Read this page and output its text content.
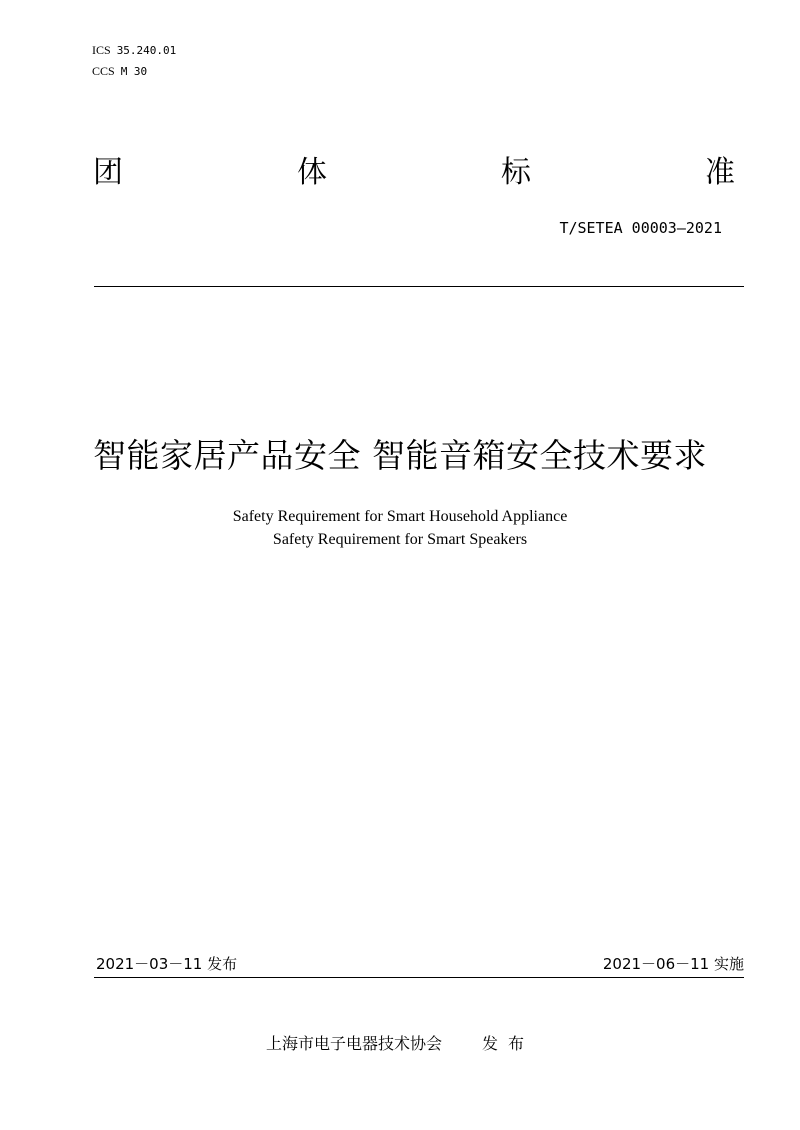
ICS 35.240.01
CCS M 30
团	体	标	准
T/SETEA 00003—2021
智能家居产品安全 智能音箱安全技术要求
Safety Requirement for Smart Household Appliance
Safety Requirement for Smart Speakers
2021－03－11 发布	2021－06－11 实施
上海市电子电器技术协会	发布
